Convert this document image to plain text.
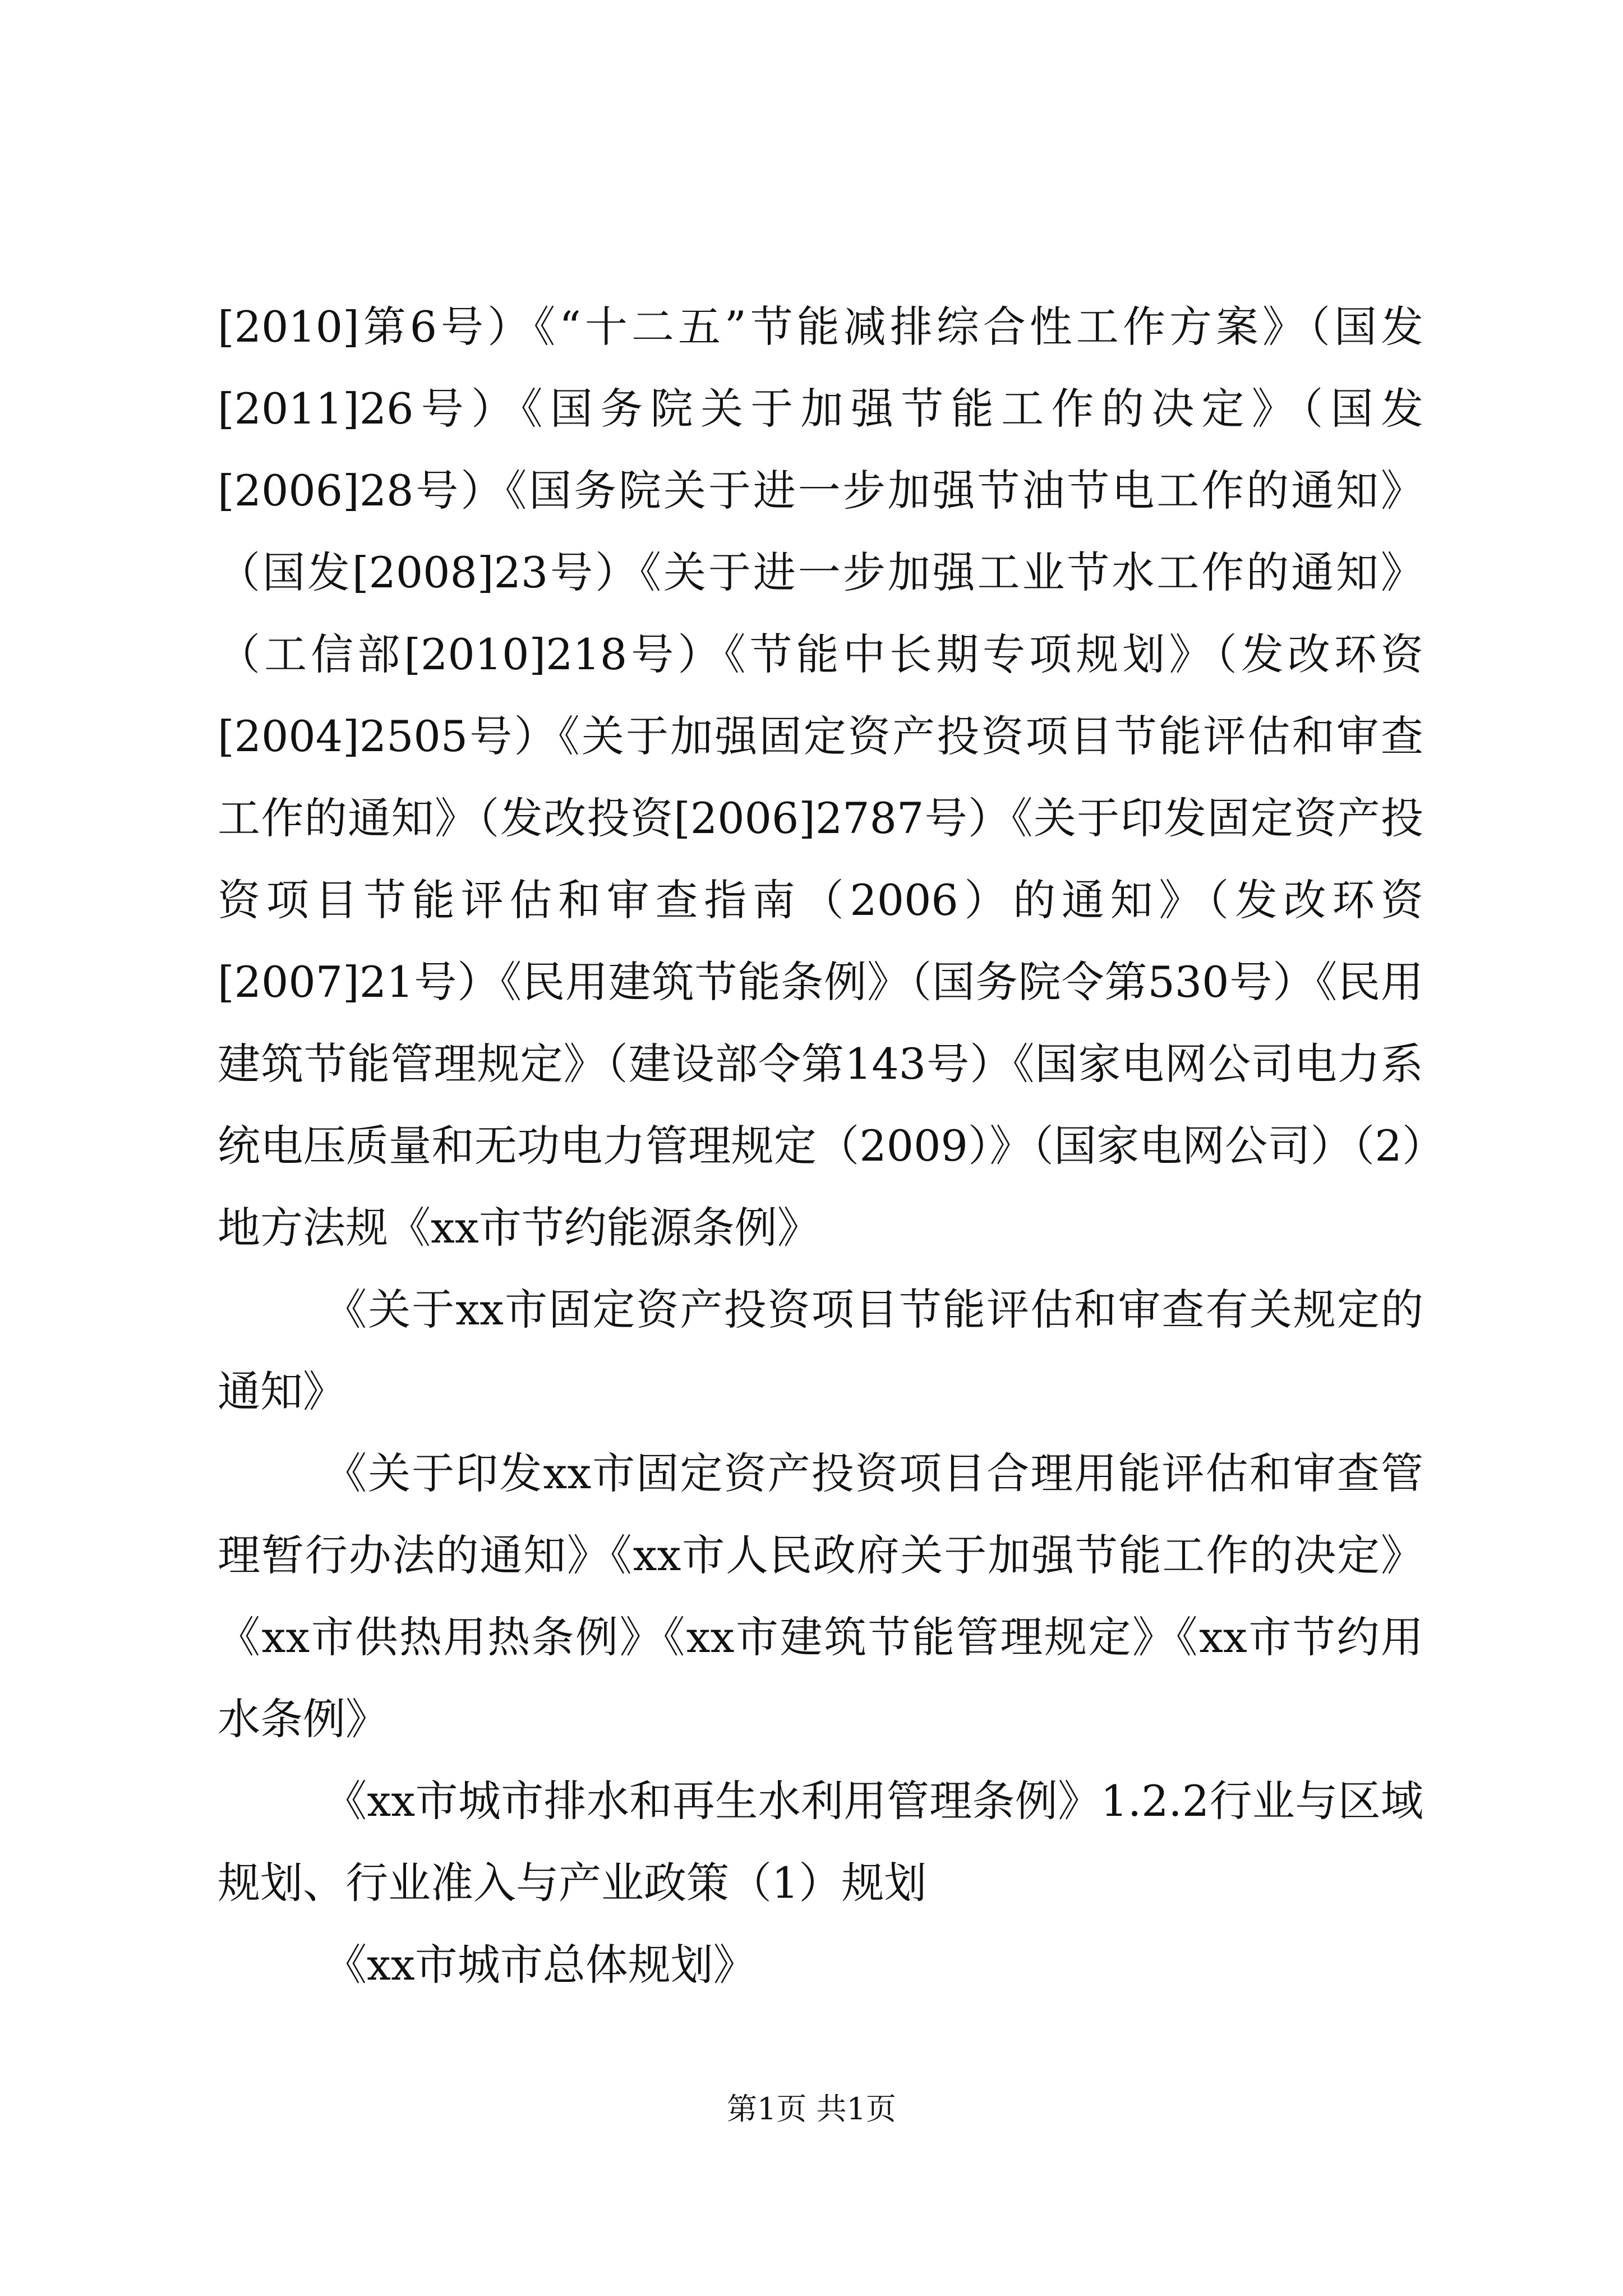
[2010]第6号）《“十二五”节能减排综合性工作方案》（国发[2011]26号）《国务院关于加强节能工作的决定》（国发[2006]28号）《国务院关于进一步加强节油节电工作的通知》（国发[2008]23号）《关于进一步加强工业节水工作的通知》（工信部[2010]218号）《节能中长期专项规划》（发改环资[2004]2505号）《关于加强固定资产投资项目节能评估和审查工作的通知》（发改投资[2006]2787号）《关于印发固定资产投资项目节能评估和审查指南（2006）的通知》（发改环资[2007]21号）《民用建筑节能条例》（国务院令第530号）《民用建筑节能管理规定》（建设部令第143号）《国家电网公司电力系统电压质量和无功电力管理规定（2009）》（国家电网公司）（2）地方法规《xx市节约能源条例》

《关于xx市固定资产投资项目节能评估和审查有关规定的通知》

《关于印发xx市固定资产投资项目合理用能评估和审查管理暂行办法的通知》《xx市人民政府关于加强节能工作的决定》《xx市供热用热条例》《xx市建筑节能管理规定》《xx市节约用水条例》

《xx市城市排水和再生水利用管理条例》1.2.2行业与区域规划、行业准入与产业政策（1）规划

《xx市城市总体规划》

第1页 共1页
